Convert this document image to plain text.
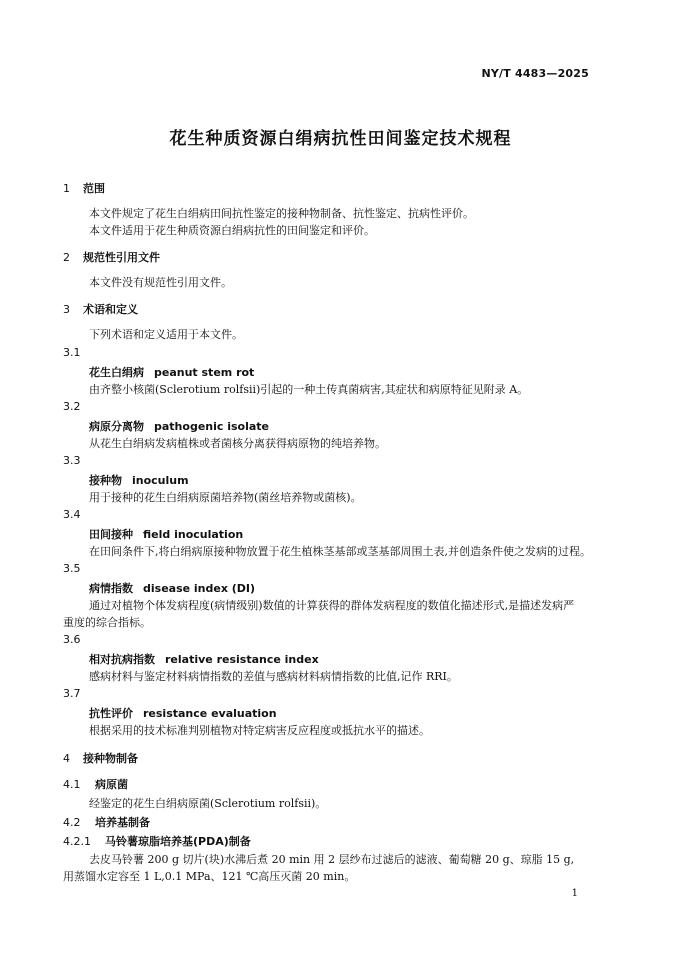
NY/T 4483—2025
花生种质资源白绢病抗性田间鉴定技术规程
1 范围
本文件规定了花生白绢病田间抗性鉴定的接种物制备、抗性鉴定、抗病性评价。
本文件适用于花生种质资源白绢病抗性的田间鉴定和评价。
2 规范性引用文件
本文件没有规范性引用文件。
3 术语和定义
下列术语和定义适用于本文件。
3.1
花生白绢病 peanut stem rot
由齐整小核菌(Sclerotium rolfsii)引起的一种土传真菌病害,其症状和病原特征见附录 A。
3.2
病原分离物 pathogenic isolate
从花生白绢病发病植株或者菌核分离获得病原物的纯培养物。
3.3
接种物 inoculum
用于接种的花生白绢病原菌培养物(菌丝培养物或菌核)。
3.4
田间接种 field inoculation
在田间条件下,将白绢病原接种物放置于花生植株茎基部或茎基部周围土表,并创造条件使之发病的过程。
3.5
病情指数 disease index (DI)
通过对植物个体发病程度(病情级别)数值的计算获得的群体发病程度的数值化描述形式,是描述发病严重度的综合指标。
3.6
相对抗病指数 relative resistance index
感病材料与鉴定材料病情指数的差值与感病材料病情指数的比值,记作 RRI。
3.7
抗性评价 resistance evaluation
根据采用的技术标准判别植物对特定病害反应程度或抵抗水平的描述。
4 接种物制备
4.1 病原菌
经鉴定的花生白绢病原菌(Sclerotium rolfsii)。
4.2 培养基制备
4.2.1 马铃薯琼脂培养基(PDA)制备
去皮马铃薯 200 g 切片(块)水沸后煮 20 min 用 2 层纱布过滤后的滤液、葡萄糖 20 g、琼脂 15 g,用蒸馏水定容至 1 L,0.1 MPa、121 ℃高压灭菌 20 min。
1
